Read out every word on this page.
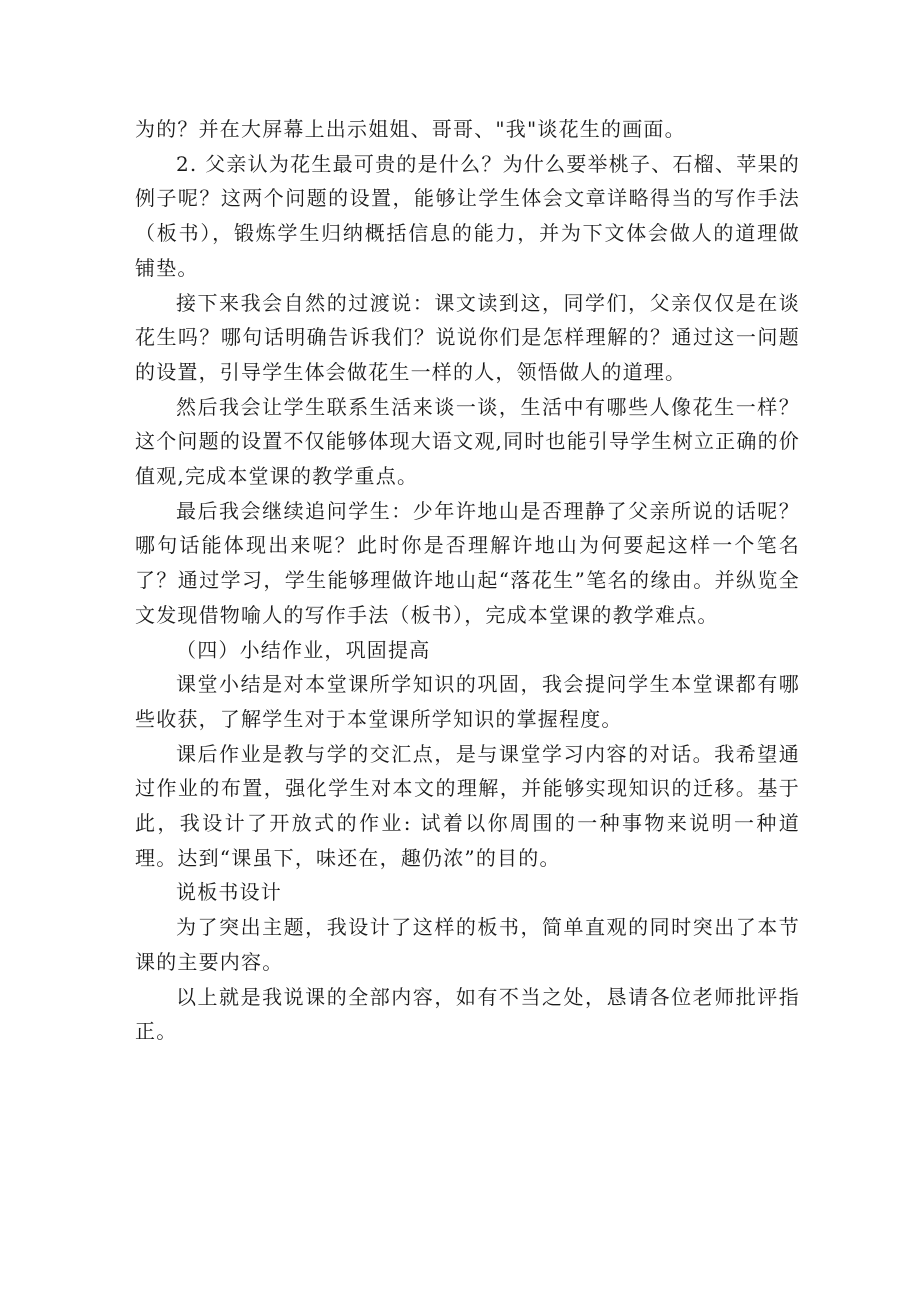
为的？并在大屏幕上出示姐姐、哥哥、"我"谈花生的画面。

2. 父亲认为花生最可贵的是什么？为什么要举桃子、石榴、苹果的例子呢？这两个问题的设置，能够让学生体会文章详略得当的写作手法（板书），锻炼学生归纳概括信息的能力，并为下文体会做人的道理做铺垫。

接下来我会自然的过渡说：课文读到这，同学们，父亲仅仅是在谈花生吗？哪句话明确告诉我们？说说你们是怎样理解的？通过这一问题的设置，引导学生体会做花生一样的人，领悟做人的道理。

然后我会让学生联系生活来谈一谈，生活中有哪些人像花生一样？这个问题的设置不仅能够体现大语文观,同时也能引导学生树立正确的价值观,完成本堂课的教学重点。

最后我会继续追问学生：少年许地山是否理静了父亲所说的话呢？哪句话能体现出来呢？此时你是否理解许地山为何要起这样一个笔名了？通过学习，学生能够理做许地山起“落花生”笔名的缘由。并纵览全文发现借物喻人的写作手法（板书），完成本堂课的教学难点。

（四）小结作业，巩固提高

课堂小结是对本堂课所学知识的巩固，我会提问学生本堂课都有哪些收获，了解学生对于本堂课所学知识的掌握程度。

课后作业是教与学的交汇点，是与课堂学习内容的对话。我希望通过作业的布置，强化学生对本文的理解，并能够实现知识的迁移。基于此，我设计了开放式的作业: 试着以你周围的一种事物来说明一种道理。达到“课虽下，味还在，趣仍浓”的目的。

说板书设计

为了突出主题，我设计了这样的板书，简单直观的同时突出了本节课的主要内容。

以上就是我说课的全部内容，如有不当之处，恳请各位老师批评指正。
